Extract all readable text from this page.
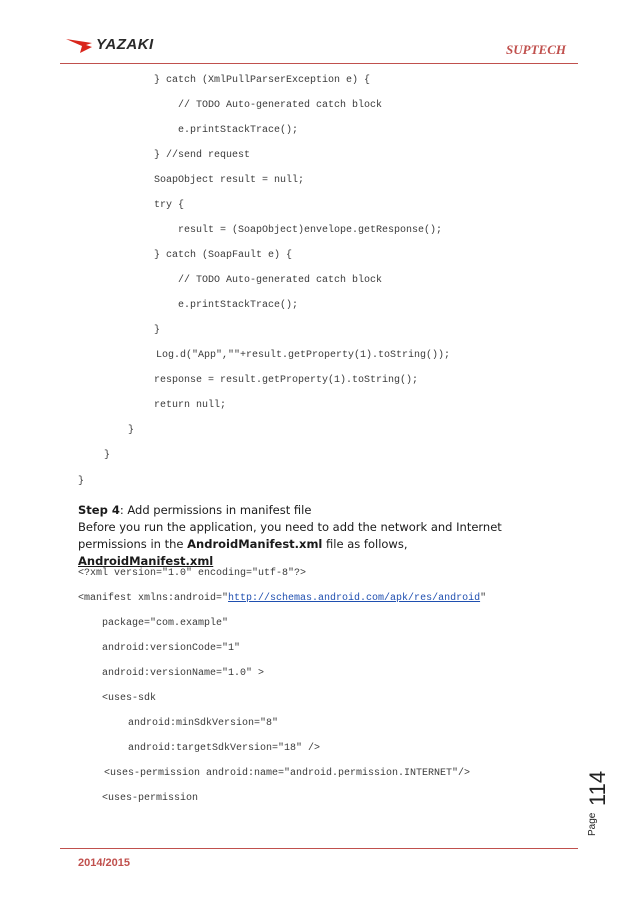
YAZAKI	SUPTECH
} catch (XmlPullParserException e) {
// TODO Auto-generated catch block
e.printStackTrace();
} //send request
SoapObject result = null;
try {
result = (SoapObject)envelope.getResponse();
} catch (SoapFault e) {
// TODO Auto-generated catch block
e.printStackTrace();
}
Log.d("App",""+result.getProperty(1).toString());
response = result.getProperty(1).toString();
return null;
}
}
}

Step 4: Add permissions in manifest file

Before you run the application, you need to add the network and Internet permissions in the AndroidManifest.xml file as follows,

AndroidManifest.xml

<?xml version="1.0" encoding="utf-8"?>
<manifest xmlns:android="http://schemas.android.com/apk/res/android"
package="com.example"
android:versionCode="1"
android:versionName="1.0" >
<uses-sdk
android:minSdkVersion="8"
android:targetSdkVersion="18" />
<uses-permission android:name="android.permission.INTERNET"/>
<uses-permission
Page
114
2014/2015
